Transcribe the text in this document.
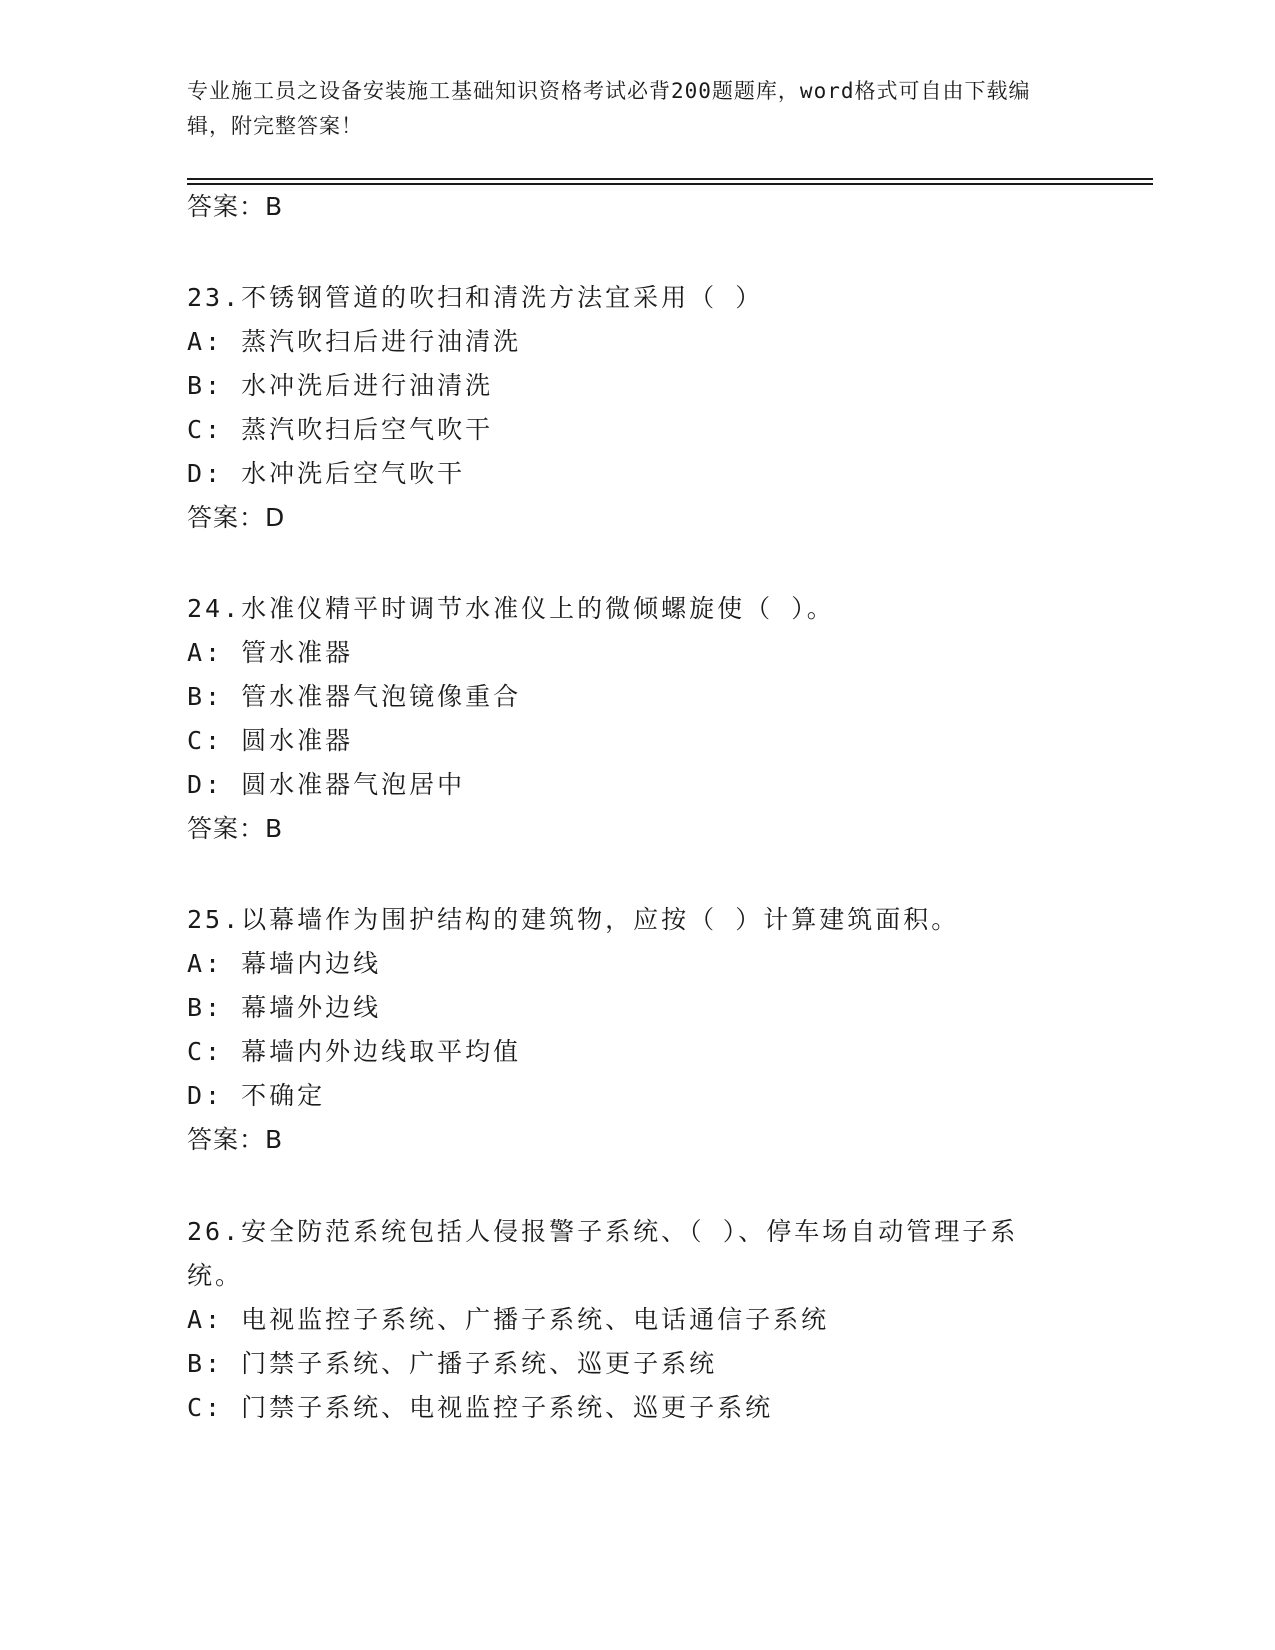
专业施工员之设备安装施工基础知识资格考试必背200题题库，word格式可自由下载编辑，附完整答案！
答案：B
23.不锈钢管道的吹扫和清洗方法宜采用（ ）
A: 蒸汽吹扫后进行油清洗
B: 水冲洗后进行油清洗
C: 蒸汽吹扫后空气吹干
D: 水冲洗后空气吹干
答案：D
24.水准仪精平时调节水准仪上的微倾螺旋使（ ）。
A: 管水准器
B: 管水准器气泡镜像重合
C: 圆水准器
D: 圆水准器气泡居中
答案：B
25.以幕墙作为围护结构的建筑物，应按（ ）计算建筑面积。
A: 幕墙内边线
B: 幕墙外边线
C: 幕墙内外边线取平均值
D: 不确定
答案：B
26.安全防范系统包括人侵报警子系统、（ ）、停车场自动管理子系
统。
A: 电视监控子系统、广播子系统、电话通信子系统
B: 门禁子系统、广播子系统、巡更子系统
C: 门禁子系统、电视监控子系统、巡更子系统
